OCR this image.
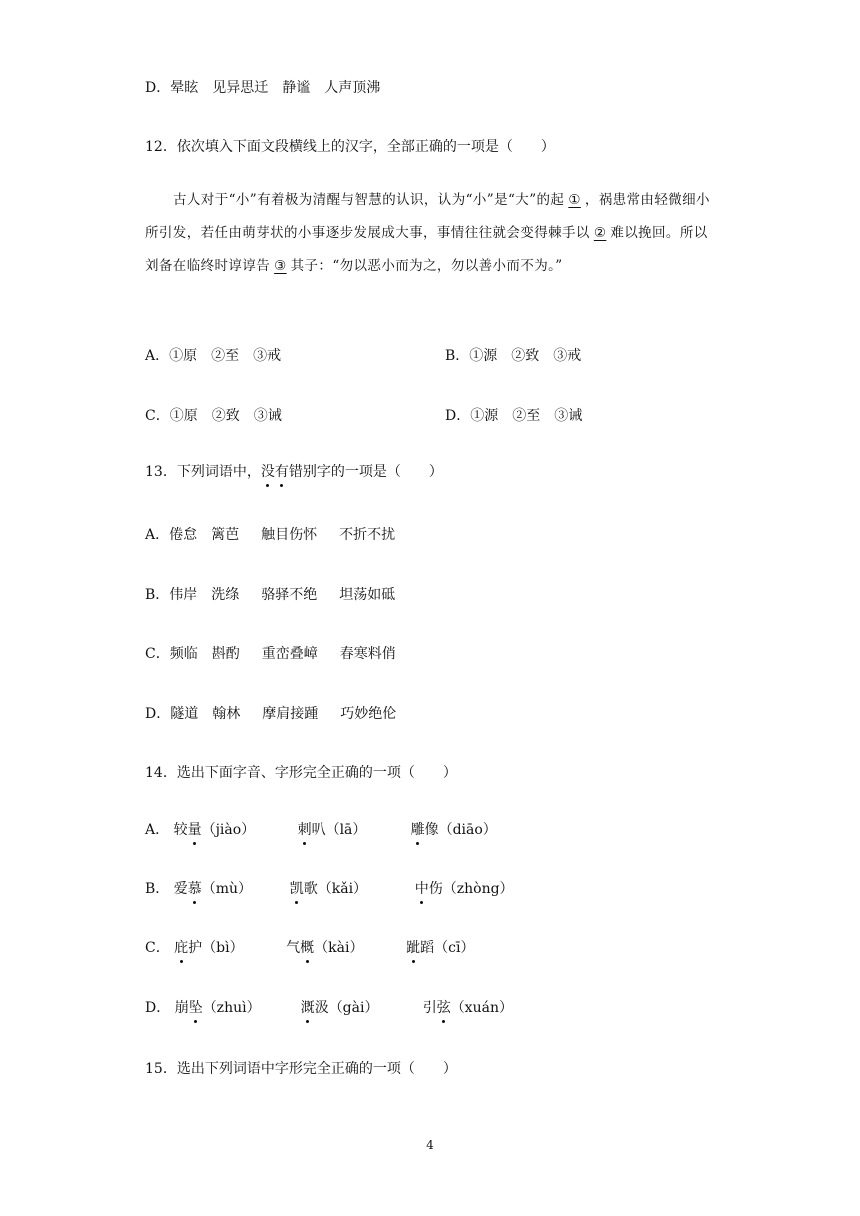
D．晕眩 见异思迁 静谧 人声顶沸
12．依次填入下面文段横线上的汉字，全部正确的一项是（　　）
古人对于“小”有着极为清醒与智慧的认识，认为“小”是“大”的起 ① ，祸患常由轻微细小所引发，若任由萌芽状的小事逐步发展成大事，事情往往就会变得棘手以 ② 难以挽回。所以刘备在临终时谆谆告 ③ 其子：“勿以恶小而为之，勿以善小而不为。”
A．①原 ②至 ③戒	B．①源 ②致 ③戒
C．①原 ②致 ③诫	D．①源 ②至 ③诫
13．下列词语中，没有错别字的一项是（　　）
A．倦怠 篱芭 触目伤怀 不折不扰
B．伟岸 洗绦 骆驿不绝 坦荡如砥
C．频临 斟酌 重峦叠嶂 春寒料俏
D．隧道 翰林 摩肩接踵 巧妙绝伦
14．选出下面字音、字形完全正确的一项（　　）
A． 较量（jiào）	刺叭（lā）	雕像（diāo）
B． 爱慕（mù）	凯歌（kǎi）	中伤（zhòng）
C． 庇护（bì）	气概（kài）	跐蹈（cī）
D． 崩坠（zhuì）	溉汲（gài）	引弦（xuán）
15．选出下列词语中字形完全正确的一项（　　）
4
